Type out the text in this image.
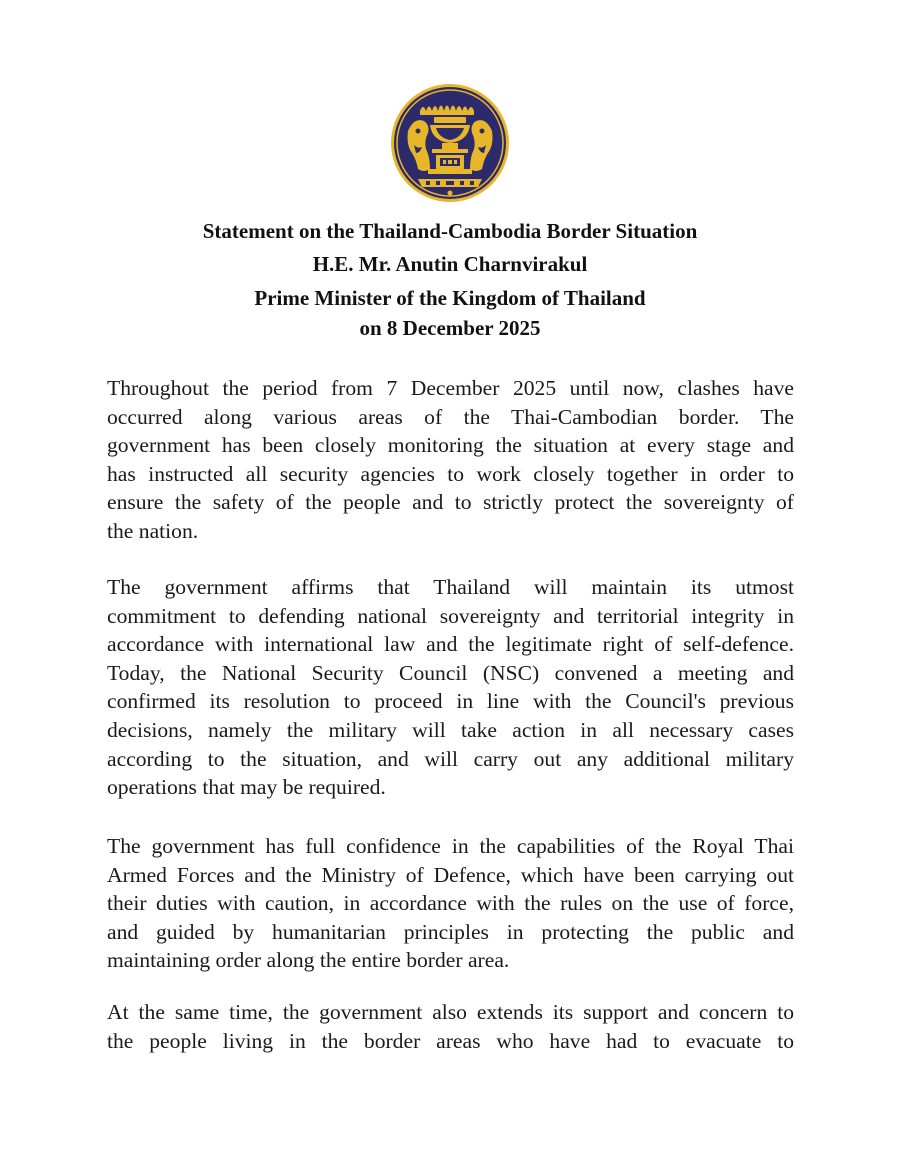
Statement on the Thailand-Cambodia Border Situation
H.E. Mr. Anutin Charnvirakul
Prime Minister of the Kingdom of Thailand
on 8 December 2025
Throughout the period from 7 December 2025 until now, clashes have
occurred along various areas of the Thai-Cambodian border. The
government has been closely monitoring the situation at every stage and
has instructed all security agencies to work closely together in order to
ensure the safety of the people and to strictly protect the sovereignty of
the nation.
The government affirms that Thailand will maintain its utmost
commitment to defending national sovereignty and territorial integrity in
accordance with international law and the legitimate right of self-defence.
Today, the National Security Council (NSC) convened a meeting and
confirmed its resolution to proceed in line with the Council's previous
decisions, namely the military will take action in all necessary cases
according to the situation, and will carry out any additional military
operations that may be required.
The government has full confidence in the capabilities of the Royal Thai
Armed Forces and the Ministry of Defence, which have been carrying out
their duties with caution, in accordance with the rules on the use of force,
and guided by humanitarian principles in protecting the public and
maintaining order along the entire border area.
At the same time, the government also extends its support and concern to
the people living in the border areas who have had to evacuate to
